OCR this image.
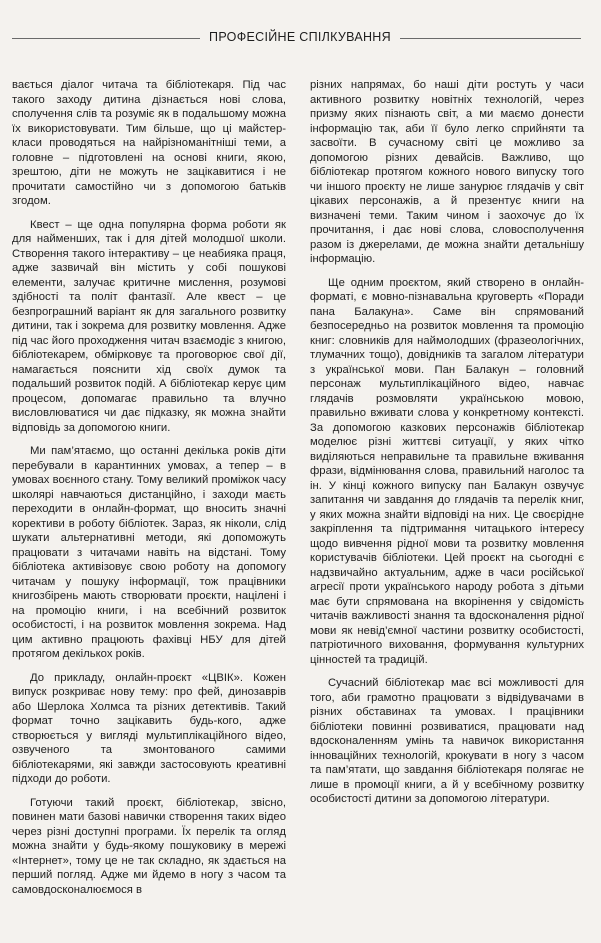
ПРОФЕСІЙНЕ СПІЛКУВАННЯ

вається діалог читача та бібліотекаря. Під час такого заходу дитина дізнається нові слова, сполучення слів та розуміє як в подальшому можна їх використовувати. Тим більше, що ці майстер-класи проводяться на найрізноманітніші теми, а головне – підготовлені на основі книги, якою, зрештою, діти не можуть не зацікавитися і не прочитати самостійно чи з допомогою батьків згодом.

Квест – ще одна популярна форма роботи як для найменших, так і для дітей молодшої школи. Створення такого інтерактиву – це неабияка праця, адже зазвичай він містить у собі пошукові елементи, залучає критичне мислення, розумові здібності та політ фантазії. Але квест – це безпрограшний варіант як для загального розвитку дитини, так і зокрема для розвитку мовлення. Адже під час його проходження читач взаємодіє з книгою, бібліотекарем, обмірковує та проговорює свої дії, намагається пояснити хід своїх думок та подальший розвиток подій. А бібліотекар керує цим процесом, допомагає правильно та влучно висловлюватися чи дає підказку, як можна знайти відповідь за допомогою книги.

Ми пам’ятаємо, що останні декілька років діти перебували в карантинних умовах, а тепер – в умовах воєнного стану. Тому великий проміжок часу школярі навчаються дистанційно, і заходи маєть переходити в онлайн-формат, що вносить значні корективи в роботу бібліотек. Зараз, як ніколи, слід шукати альтернативні методи, які допоможуть працювати з читачами навіть на відстані. Тому бібліотека активізовує свою роботу на допомогу читачам у пошуку інформації, тож працівники книгозбірень мають створювати проєкти, націлені і на промоцію книги, і на всебічний розвиток особистості, і на розвиток мовлення зокрема. Над цим активно працюють фахівці НБУ для дітей протягом декількох років.

До прикладу, онлайн-проєкт «ЦВІК». Кожен випуск розкриває нову тему: про фей, динозаврів або Шерлока Холмса та різних детективів. Такий формат точно зацікавить будь-кого, адже створюється у вигляді мультиплікаційного відео, озвученого та змонтованого самими бібліотекарями, які завжди застосовують креативні підходи до роботи.

Готуючи такий проєкт, бібліотекар, звісно, повинен мати базові навички створення таких відео через різні доступні програми. Їх перелік та огляд можна знайти у будь-якому пошуковику в мережі «Інтернет», тому це не так складно, як здається на перший погляд. Адже ми йдемо в ногу з часом та самовдосконалюємося в

різних напрямах, бо наші діти ростуть у часи активного розвитку новітніх технологій, через призму яких пізнають світ, а ми маємо донести інформацію так, аби її було легко сприйняти та засвоїти. В сучасному світі це можливо за допомогою різних девайсів. Важливо, що бібліотекар протягом кожного нового випуску того чи іншого проєкту не лише занурює глядачів у світ цікавих персонажів, а й презентує книги на визначені теми. Таким чином і заохочує до їх прочитання, і дає нові слова, словосполучення разом із джерелами, де можна знайти детальнішу інформацію.

Ще одним проєктом, який створено в онлайн-форматі, є мовно-пізнавальна круговерть «Поради пана Балакуна». Саме він спрямований безпосередньо на розвиток мовлення та промоцію книг: словників для наймолодших (фразеологічних, тлумачних тощо), довідників та загалом літератури з української мови. Пан Балакун – головний персонаж мультиплікаційного відео, навчає глядачів розмовляти українською мовою, правильно вживати слова у конкретному контексті. За допомогою казкових персонажів бібліотекар моделює різні життєві ситуації, у яких чітко виділяються неправильне та правильне вживання фрази, відмінювання слова, правильний наголос та ін. У кінці кожного випуску пан Балакун озвучує запитання чи завдання до глядачів та перелік книг, у яких можна знайти відповіді на них. Це своєрідне закріплення та підтримання читацького інтересу щодо вивчення рідної мови та розвитку мовлення користувачів бібліотеки. Цей проєкт на сьогодні є надзвичайно актуальним, адже в часи російської агресії проти українського народу робота з дітьми має бути спрямована на вкорінення у свідомість читачів важливості знання та вдосконалення рідної мови як невід’ємної частини розвитку особистості, патріотичного виховання, формування культурних цінностей та традицій.

Сучасний бібліотекар має всі можливості для того, аби грамотно працювати з відвідувачами в різних обставинах та умовах. І працівники бібліотеки повинні розвиватися, працювати над вдосконаленням умінь та навичок використання інноваційних технологій, крокувати в ногу з часом та пам’ятати, що завдання бібліотекаря полягає не лише в промоції книги, а й у всебічному розвитку особистості дитини за допомогою літератури.
